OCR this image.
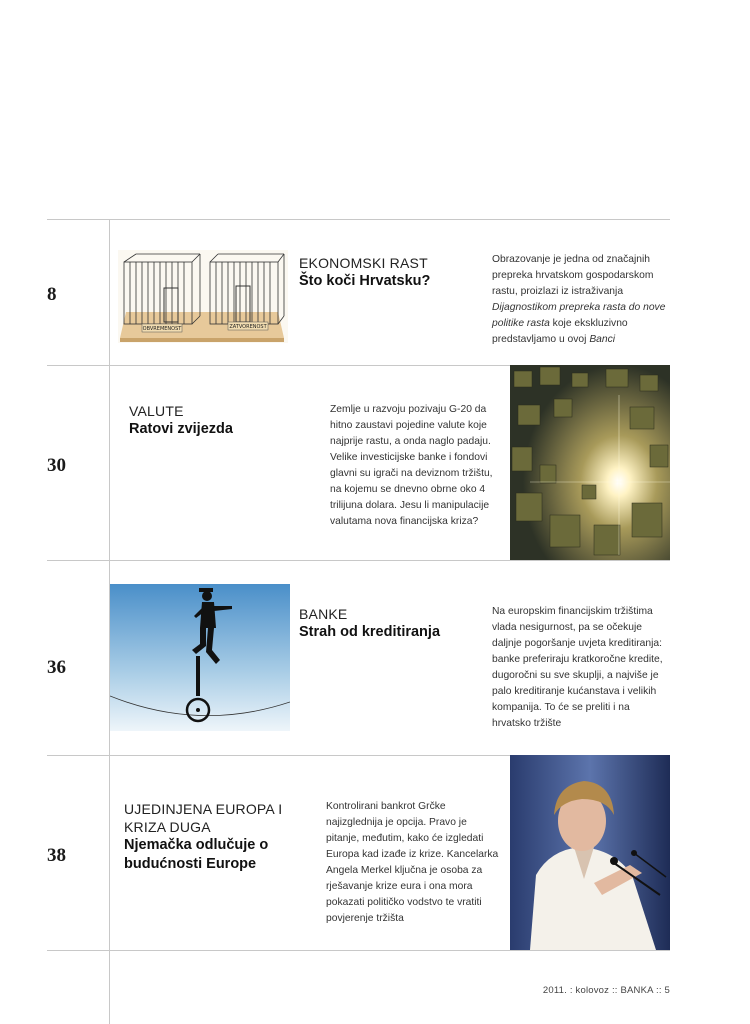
8
OBVREMENOST	ZATVORENOST
EKONOMSKI RAST
Što koči Hrvatsku?
Obrazovanje je jedna od značajnih prepreka hrvatskom gospodarskom rastu, proizlazi iz istraživanja Dijagnostikom prepreka rasta do nove politike rasta koje ekskluzivno predstavljamo u ovoj Banci
30
VALUTE
Ratovi zvijezda
Zemlje u razvoju pozivaju G-20 da hitno zaustavi pojedine valute koje najprije rastu, a onda naglo padaju. Velike investicijske banke i fondovi glavni su igrači na deviznom tržištu, na kojemu se dnevno obrne oko 4 trilijuna dolara. Jesu li manipulacije valutama nova financijska kriza?
36
BANKE
Strah od kreditiranja
Na europskim financijskim tržištima vlada nesigurnost, pa se očekuje daljnje pogoršanje uvjeta kreditiranja: banke preferiraju kratkoročne kredite, dugoročni su sve skuplji, a najviše je palo kreditiranje kućanstava i velikih kompanija. To će se preliti i na hrvatsko tržište
38
UJEDINJENA EUROPA I KRIZA DUGA
Njemačka odlučuje o budućnosti Europe
Kontrolirani bankrot Grčke najizglednija je opcija. Pravo je pitanje, međutim, kako će izgledati Europa kad izađe iz krize. Kancelarka Angela Merkel ključna je osoba za rješavanje krize eura i ona mora pokazati političko vodstvo te vratiti povjerenje tržišta
2011. : kolovoz :: BANKA :: 5
